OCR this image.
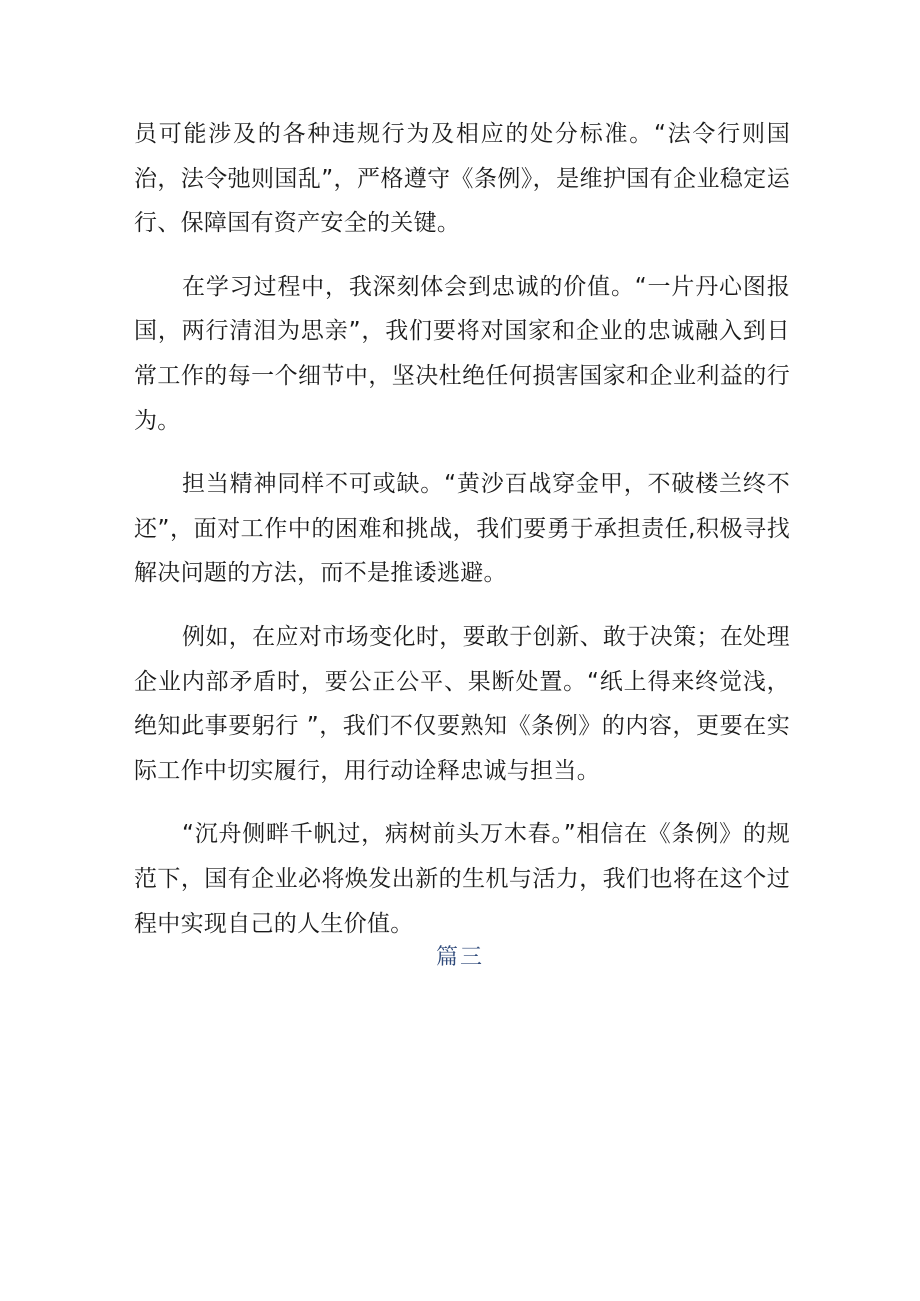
员可能涉及的各种违规行为及相应的处分标准。“法令行则国治，法令弛则国乱”，严格遵守《条例》，是维护国有企业稳定运行、保障国有资产安全的关键。

在学习过程中，我深刻体会到忠诚的价值。“一片丹心图报国，两行清泪为思亲”，我们要将对国家和企业的忠诚融入到日常工作的每一个细节中，坚决杜绝任何损害国家和企业利益的行为。

担当精神同样不可或缺。“黄沙百战穿金甲，不破楼兰终不还”，面对工作中的困难和挑战，我们要勇于承担责任,积极寻找解决问题的方法，而不是推诿逃避。

例如，在应对市场变化时，要敢于创新、敢于决策；在处理企业内部矛盾时，要公正公平、果断处置。“纸上得来终觉浅，绝知此事要躬行 ”，我们不仅要熟知《条例》的内容，更要在实际工作中切实履行，用行动诠释忠诚与担当。

“沉舟侧畔千帆过，病树前头万木春。”相信在《条例》的规范下，国有企业必将焕发出新的生机与活力，我们也将在这个过程中实现自己的人生价值。

篇三
